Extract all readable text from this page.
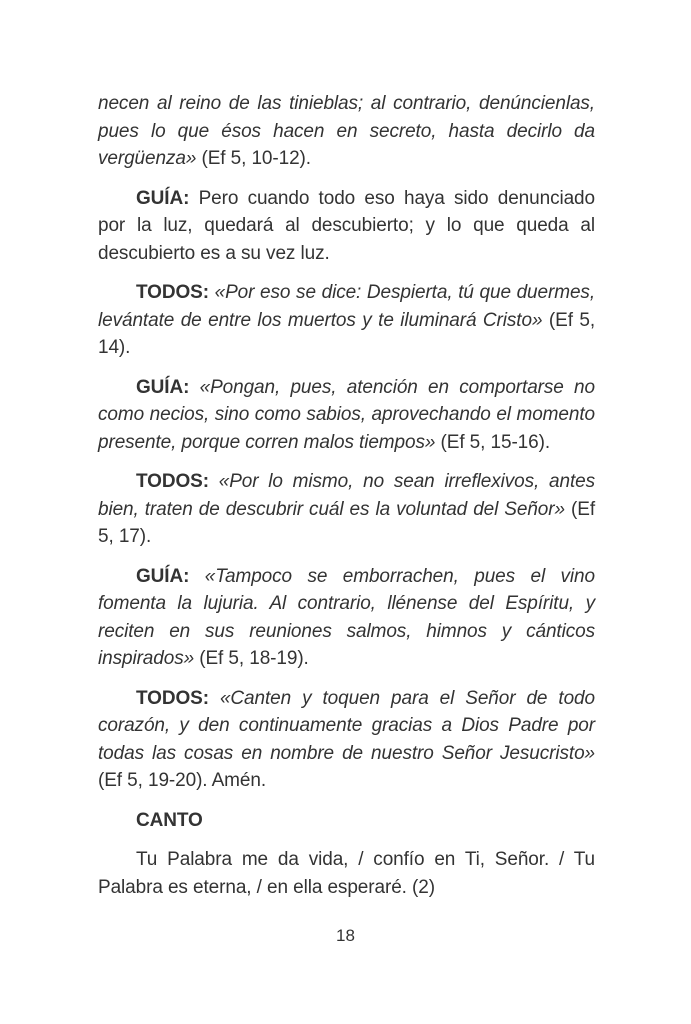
necen al reino de las tinieblas; al contrario, denúncienlas, pues lo que ésos hacen en secreto, hasta decirlo da vergüenza» (Ef 5, 10-12).

GUÍA: Pero cuando todo eso haya sido denunciado por la luz, quedará al descubierto; y lo que queda al descubierto es a su vez luz.

TODOS: «Por eso se dice: Despierta, tú que duermes, levántate de entre los muertos y te iluminará Cristo» (Ef 5, 14).

GUÍA: «Pongan, pues, atención en comportarse no como necios, sino como sabios, aprovechando el momento presente, porque corren malos tiempos» (Ef 5, 15-16).

TODOS: «Por lo mismo, no sean irreflexivos, antes bien, traten de descubrir cuál es la voluntad del Señor» (Ef 5, 17).

GUÍA: «Tampoco se emborrachen, pues el vino fomenta la lujuria. Al contrario, llénense del Espíritu, y reciten en sus reuniones salmos, himnos y cánticos inspirados» (Ef 5, 18-19).

TODOS: «Canten y toquen para el Señor de todo corazón, y den continuamente gracias a Dios Padre por todas las cosas en nombre de nuestro Señor Jesucristo» (Ef 5, 19-20). Amén.

CANTO

Tu Palabra me da vida, / confío en Ti, Señor. / Tu Palabra es eterna, / en ella esperaré. (2)

18
